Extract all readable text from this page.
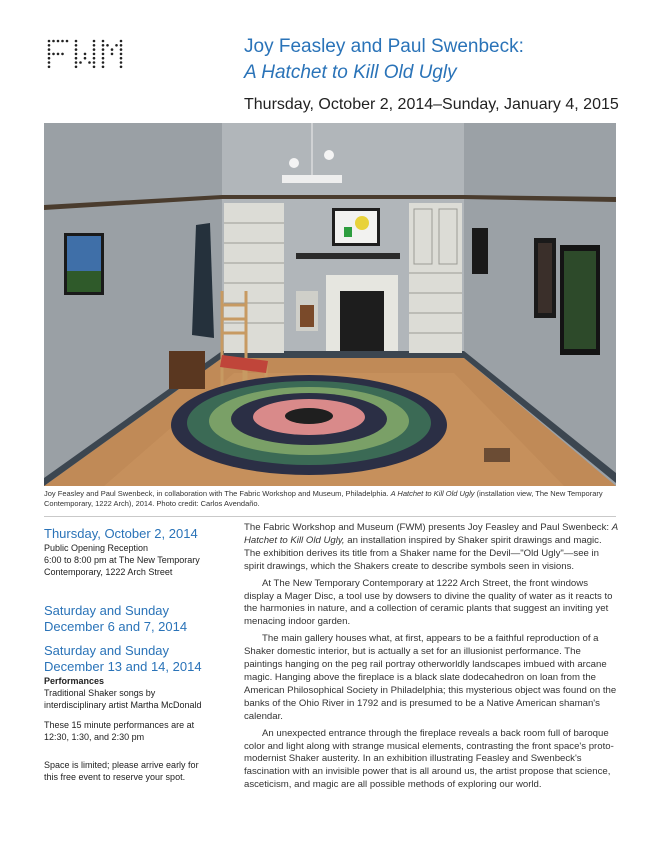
Joy Feasley and Paul Swenbeck:
A Hatchet to Kill Old Ugly
Thursday, October 2, 2014–Sunday, January 4, 2015
Joy Feasley and Paul Swenbeck, in collaboration with The Fabric Workshop and Museum, Philadelphia. A Hatchet to Kill Old Ugly (installation view, The New Temporary Contemporary, 1222 Arch), 2014. Photo credit: Carlos Avendaño.
Thursday, October 2, 2014
Public Opening Reception
6:00 to 8:00 pm at The New Temporary Contemporary, 1222 Arch Street
Saturday and Sunday December 6 and 7, 2014
Saturday and Sunday December 13 and 14, 2014
Performances
Traditional Shaker songs by interdisciplinary artist Martha McDonald
These 15 minute performances are at 12:30, 1:30, and 2:30 pm
Space is limited; please arrive early for this free event to reserve your spot.

The Fabric Workshop and Museum (FWM) presents Joy Feasley and Paul Swenbeck: A Hatchet to Kill Old Ugly, an installation inspired by Shaker spirit drawings and magic. The exhibition derives its title from a Shaker name for the Devil—"Old Ugly"—see in spirit drawings, which the Shakers create to describe symbols seen in visions.

At The New Temporary Contemporary at 1222 Arch Street, the front windows display a Mager Disc, a tool use by dowsers to divine the quality of water as it reacts to the harmonies in nature, and a collection of ceramic plants that suggest an inviting yet menacing indoor garden.

The main gallery houses what, at first, appears to be a faithful reproduction of a Shaker domestic interior, but is actually a set for an illusionist performance. The paintings hanging on the peg rail portray otherworldly landscapes imbued with arcane magic. Hanging above the fireplace is a black slate dodecahedron on loan from the American Philosophical Society in Philadelphia; this mysterious object was found on the banks of the Ohio River in 1792 and is presumed to be a Native American shaman's calendar.

An unexpected entrance through the fireplace reveals a back room full of baroque color and light along with strange musical elements, contrasting the front space's proto-modernist Shaker austerity. In an exhibition illustrating Feasley and Swenbeck's fascination with an invisible power that is all around us, the artist propose that science, asceticism, and magic are all possible methods of exploring our world.
